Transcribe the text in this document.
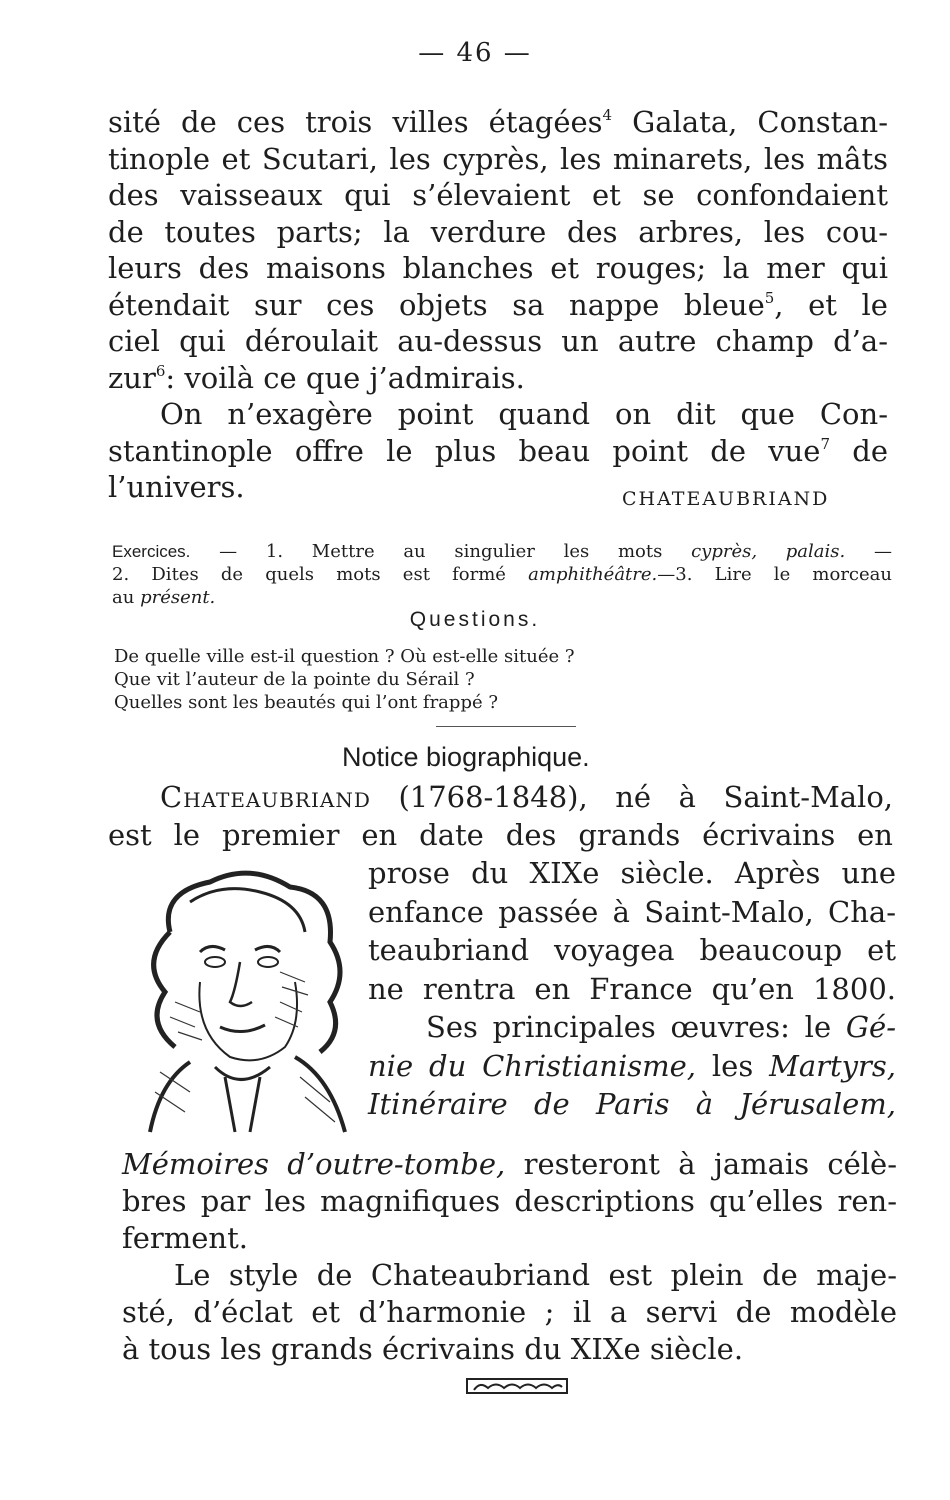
— 46 —
sité de ces trois villes étagées$^4$ Galata, Constan-
tinople et Scutari, les cyprès, les minarets, les mâts
des vaisseaux qui s’élevaient et se confondaient
de toutes parts; la verdure des arbres, les cou-
leurs des maisons blanches et rouges; la mer qui
étendait sur ces objets sa nappe bleue$^5$, et le
ciel qui déroulait au-dessus un autre champ d’a-
zur$^6$: voilà ce que j’admirais.
On n’exagère point quand on dit que Con-
stantinople offre le plus beau point de vue$^7$ de
l’univers.	CHATEAUBRIAND
Exercices. — 1. Mettre au singulier les mots cyprès, palais. —
2. Dites de quels mots est formé amphithéâtre.—3. Lire le morceau
au présent.
Questions.
De quelle ville est-il question ? Où est-elle située ?
Que vit l’auteur de la pointe du Sérail ?
Quelles sont les beautés qui l’ont frappé ?
Notice biographique.
Chateaubriand (1768-1848), né à Saint-Malo,
est le premier en date des grands écrivains en
prose du XIXe siècle. Après une
enfance passée à Saint-Malo, Cha-
teaubriand voyagea beaucoup et
ne rentra en France qu’en 1800.
Ses principales œuvres: le Gé-
nie du Christianisme, les Martyrs,
Itinéraire de Paris à Jérusalem,
Mémoires d’outre-tombe, resteront à jamais célè-
bres par les magnifiques descriptions qu’elles ren-
ferment.
Le style de Chateaubriand est plein de maje-
sté, d’éclat et d’harmonie ; il a servi de modèle
à tous les grands écrivains du XIXe siècle.
